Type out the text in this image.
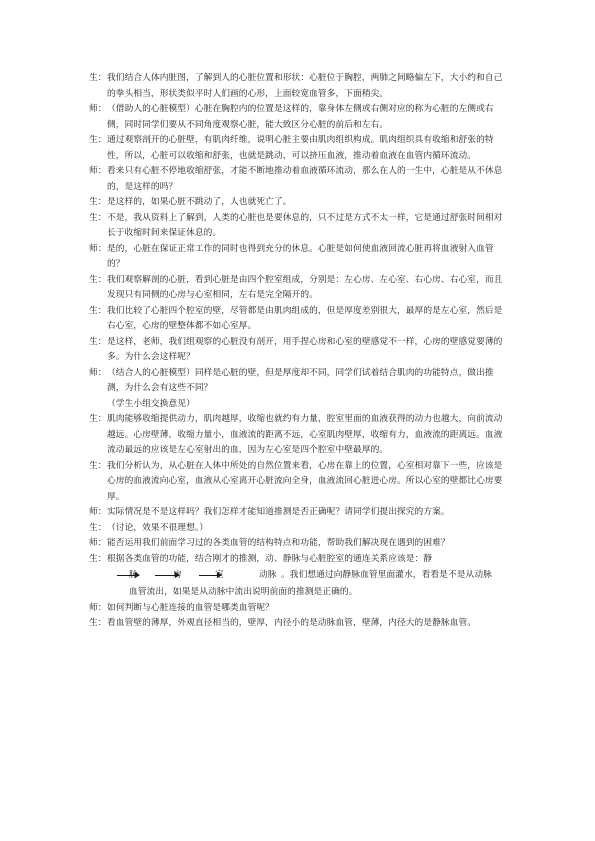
生： 我们结合人体内脏图，了解到人的心脏位置和形状：心脏位于胸腔，两肺之间略偏左下，大小约和自己的拳头相当，形状类似平时人们画的心形，上面较宽血管多，下面稍尖。

师： （借助人的心脏模型）心脏在胸腔内的位置是这样的，靠身体左侧或右侧对应的称为心脏的左侧或右侧，同时同学们要从不同角度观察心脏，能大致区分心脏的前后和左右。

生： 通过观察剖开的心脏壁，有肌肉纤维，说明心脏主要由肌肉组织构成。肌肉组织具有收缩和舒张的特性，所以，心脏可以收缩和舒张，也就是跳动，可以挤压血液，推动着血液在血管内循环流动。

师： 看来只有心脏不停地收缩舒张，才能不断地推动着血液循环流动，那么在人的一生中，心脏是从不休息的，是这样的吗？

生： 是这样的，如果心脏不跳动了，人也就死亡了。

生： 不是，我从资料上了解到，人类的心脏也是要休息的，只不过是方式不太一样，它是通过舒张时间相对长于收缩时间来保证休息的。

师： 是的，心脏在保证正常工作的同时也得到充分的休息。心脏是如何使血液回流心脏再将血液射入血管的？

生： 我们观察解剖的心脏，看到心脏是由四个腔室组成，分别是：左心房、左心室、右心房、右心室，而且发现只有同侧的心房与心室相同，左右是完全隔开的。

生： 我们比较了心脏四个腔室的壁，尽管都是由肌肉组成的，但是厚度差别很大，最厚的是左心室，然后是右心室，心房的壁整体都不如心室厚。

生： 是这样，老师，我们组观察的心脏没有剖开，用手捏心房和心室的壁感觉不一样，心房的壁感觉要薄的多。为什么会这样呢？

师： （结合人的心脏模型）同样是心脏的壁，但是厚度却不同，同学们试着结合肌肉的功能特点，做出推测，为什么会有这些不同？

（学生小组交换意见）

生： 肌肉能够收缩提供动力，肌肉越厚，收缩也就约有力量，腔室里面的血液获得的动力也越大，向前流动越远。心房壁薄，收缩力量小，血液流的距离不远，心室肌肉壁厚，收缩有力，血液流的距离远。血液流动最远的应该是左心室射出的血，因为左心室是四个腔室中壁最厚的。

生： 我们分析认为，从心脏在人体中所处的自然位置来看，心房在靠上的位置，心室相对靠下一些，应该是心房的血液流向心室，血液从心室离开心脏流向全身，血液流回心脏进心房。所以心室的壁都比心房要厚。

师： 实际情况是不是这样吗？我们怎样才能知道推测是否正确呢？请同学们提出探究的方案。

生： （讨论，效果不很理想。）

师： 能否运用我们前面学习过的各类血管的结构特点和功能，帮助我们解决现在遇到的困难？

生： 根据各类血管的功能，结合刚才的推测，动、静脉与心脏腔室的通连关系应该是：静

脉	房	室	动脉 。我们想通过向静脉血管里面灌水，看看是不是从动脉

血管流出，如果是从动脉中流出说明前面的推测是正确的。

师： 如何判断与心脏连接的血管是哪类血管呢？

生： 看血管壁的薄厚，外观直径相当的，壁厚，内径小的是动脉血管，壁薄，内径大的是静脉血管。
